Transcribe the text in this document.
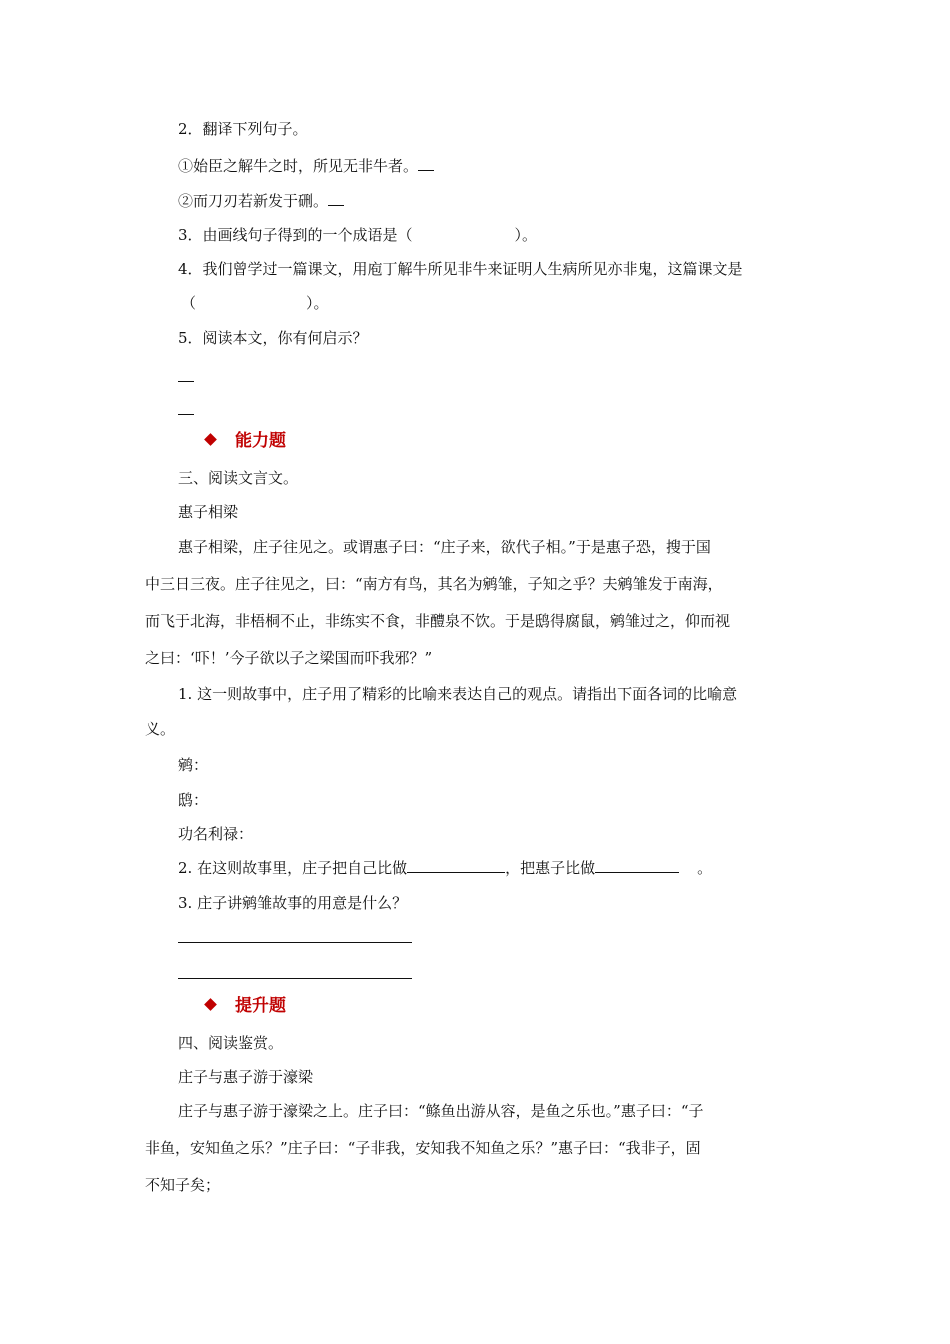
2．翻译下列句子。
①始臣之解牛之时，所见无非牛者。
②而刀刃若新发于硎。
3．由画线句子得到的一个成语是（	）。
4．我们曾学过一篇课文，用庖丁解牛所见非牛来证明人生病所见亦非鬼，这篇课文是
（	）。
5．阅读本文，你有何启示？
能力题
三、阅读文言文。
惠子相梁
惠子相梁，庄子往见之。或谓惠子曰：“庄子来，欲代子相。”于是惠子恐，搜于国
中三日三夜。庄子往见之，曰：“南方有鸟，其名为鹓雏，子知之乎？夫鹓雏发于南海，
而飞于北海，非梧桐不止，非练实不食，非醴泉不饮。于是鸱得腐鼠，鹓雏过之，仰而视
之曰：‘吓！’今子欲以子之梁国而吓我邪？”
1. 这一则故事中，庄子用了精彩的比喻来表达自己的观点。请指出下面各词的比喻意
义。
鹓：
鸱：
功名利禄：
2. 在这则故事里，庄子把自己比做	，把惠子比做	。
3. 庄子讲鹓雏故事的用意是什么？
提升题
四、阅读鉴赏。
庄子与惠子游于濠梁
庄子与惠子游于濠梁之上。庄子曰：“鲦鱼出游从容，是鱼之乐也。”惠子曰：“子
非鱼，安知鱼之乐？”庄子曰：“子非我，安知我不知鱼之乐？”惠子曰：“我非子，固
不知子矣；
